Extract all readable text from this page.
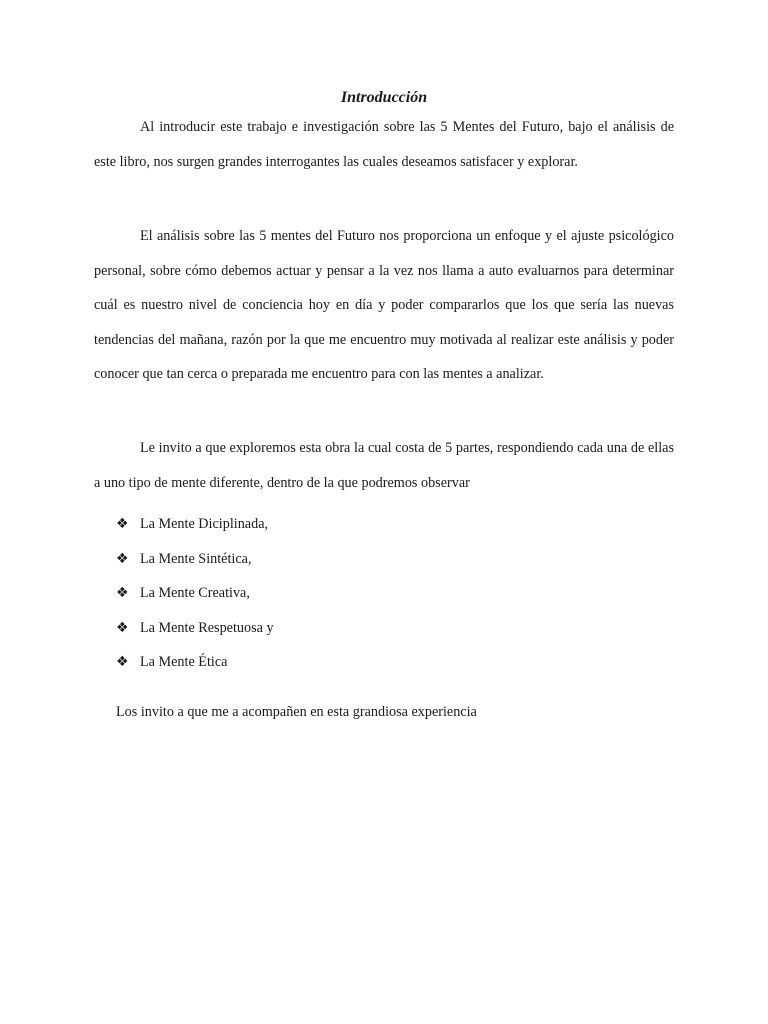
Introducción

Al introducir este trabajo e investigación sobre las 5 Mentes del Futuro, bajo el análisis de este libro, nos surgen grandes interrogantes las cuales deseamos satisfacer y explorar.

El análisis sobre las 5 mentes del Futuro nos proporciona un enfoque y el ajuste psicológico personal, sobre cómo debemos actuar y pensar a la vez nos llama a auto evaluarnos para determinar cuál es nuestro nivel de conciencia hoy en día y poder compararlos que los que sería las nuevas tendencias del mañana, razón por la que me encuentro muy motivada al realizar este análisis y poder conocer que tan cerca o preparada me encuentro para con las mentes a analizar.

Le invito a que exploremos esta obra la cual costa de 5 partes, respondiendo cada una de ellas a uno tipo de mente diferente, dentro de la que podremos observar

❖ La Mente Diciplinada,
❖ La Mente Sintética,
❖ La Mente Creativa,
❖ La Mente Respetuosa y
❖ La Mente Ética

Los invito a que me a acompañen en esta grandiosa experiencia
